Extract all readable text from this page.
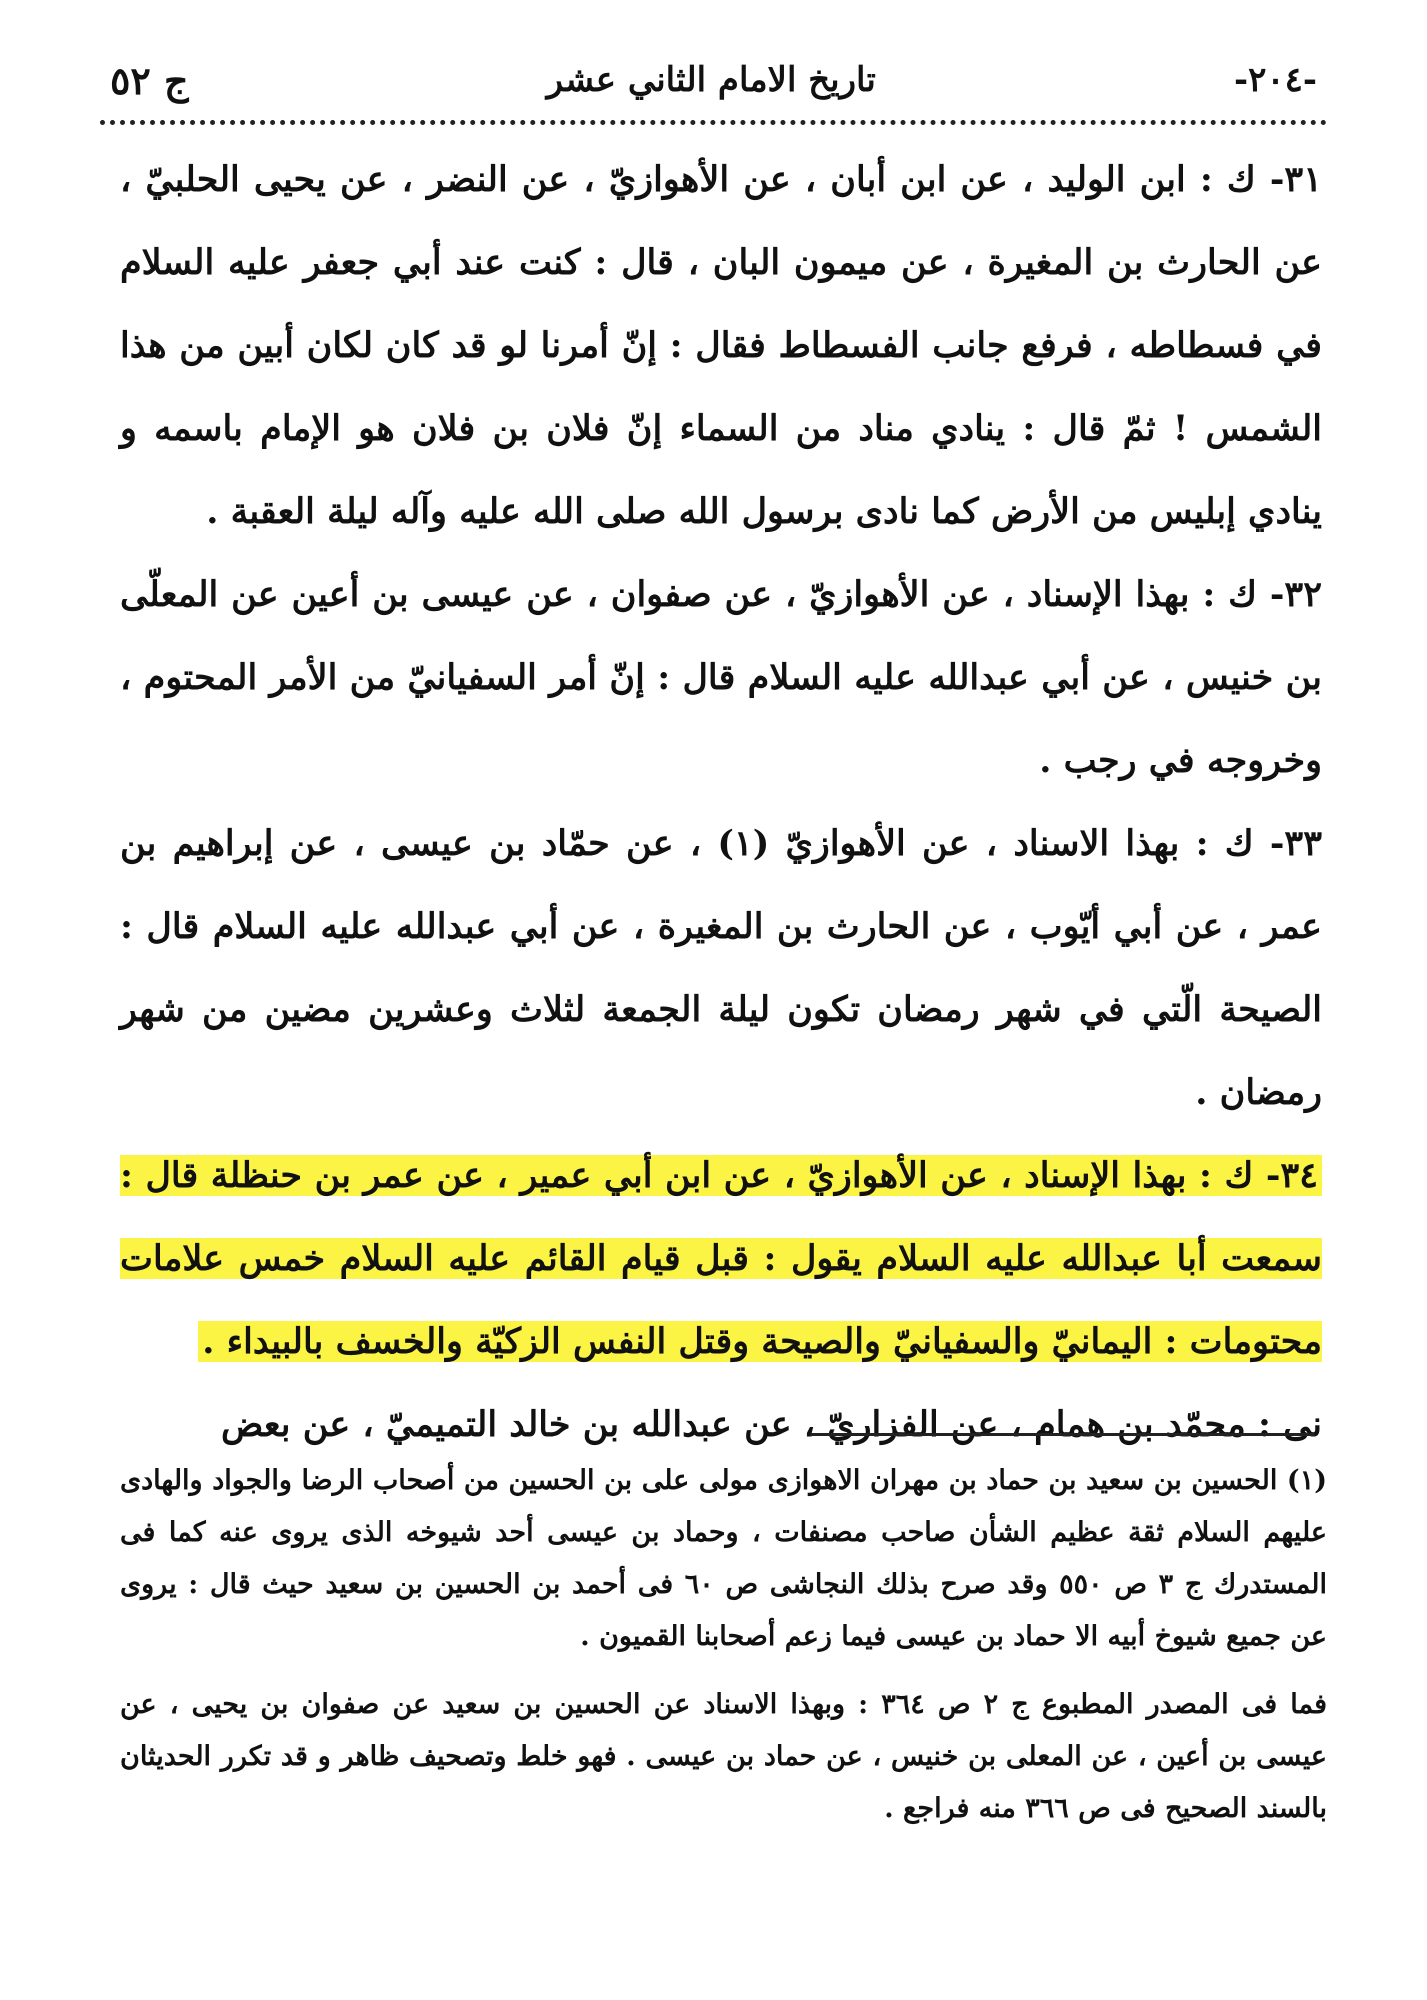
-٢٠٤-
تاريخ الامام الثاني عشر
ج ٥٢

٣١- ك : ابن الوليد ، عن ابن أبان ، عن الأهوازيّ ، عن النضر ، عن يحيى الحلبيّ ، عن الحارث بن المغيرة ، عن ميمون البان ، قال : كنت عند أبي جعفر عليه السلام في فسطاطه ، فرفع جانب الفسطاط فقال : إنّ أمرنا لو قد كان لكان أبين من هذا الشمس ! ثمّ قال : ينادي مناد من السماء إنّ فلان بن فلان هو الإمام باسمه و ينادي إبليس من الأرض كما نادى برسول الله صلى الله عليه وآله ليلة العقبة .

٣٢- ك : بهذا الإسناد ، عن الأهوازيّ ، عن صفوان ، عن عيسى بن أعين عن المعلّى بن خنيس ، عن أبي عبدالله عليه السلام قال : إنّ أمر السفيانيّ من الأمر المحتوم ، وخروجه في رجب .

٣٣- ك : بهذا الاسناد ، عن الأهوازيّ (١) ، عن حمّاد بن عيسى ، عن إبراهيم بن عمر ، عن أبي أيّوب ، عن الحارث بن المغيرة ، عن أبي عبدالله عليه السلام قال : الصيحة الّتي في شهر رمضان تكون ليلة الجمعة لثلاث وعشرين مضين من شهر رمضان .

٣٤- ك : بهذا الإسناد ، عن الأهوازيّ ، عن ابن أبي عمير ، عن عمر بن حنظلة قال : سمعت أبا عبدالله عليه السلام يقول : قبل قيام القائم عليه السلام خمس علامات محتومات : اليمانيّ والسفيانيّ والصيحة وقتل النفس الزكيّة والخسف بالبيداء .

نى : محمّد بن همام ، عن الفزاريّ ، عن عبدالله بن خالد التميميّ ، عن بعض

(١) الحسين بن سعيد بن حماد بن مهران الاهوازى مولى على بن الحسين من أصحاب الرضا والجواد والهادى عليهم السلام ثقة عظيم الشأن صاحب مصنفات ، وحماد بن عيسى أحد شيوخه الذى يروى عنه كما فى المستدرك ج ٣ ص ٥٥٠ وقد صرح بذلك النجاشى ص ٦٠ فى أحمد بن الحسين بن سعيد حيث قال : يروى عن جميع شيوخ أبيه الا حماد بن عيسى فيما زعم أصحابنا القميون .

فما فى المصدر المطبوع ج ٢ ص ٣٦٤ : وبهذا الاسناد عن الحسين بن سعيد عن صفوان بن يحيى ، عن عيسى بن أعين ، عن المعلى بن خنيس ، عن حماد بن عيسى . فهو خلط وتصحيف ظاهر و قد تكرر الحديثان بالسند الصحيح فى ص ٣٦٦ منه فراجع .
